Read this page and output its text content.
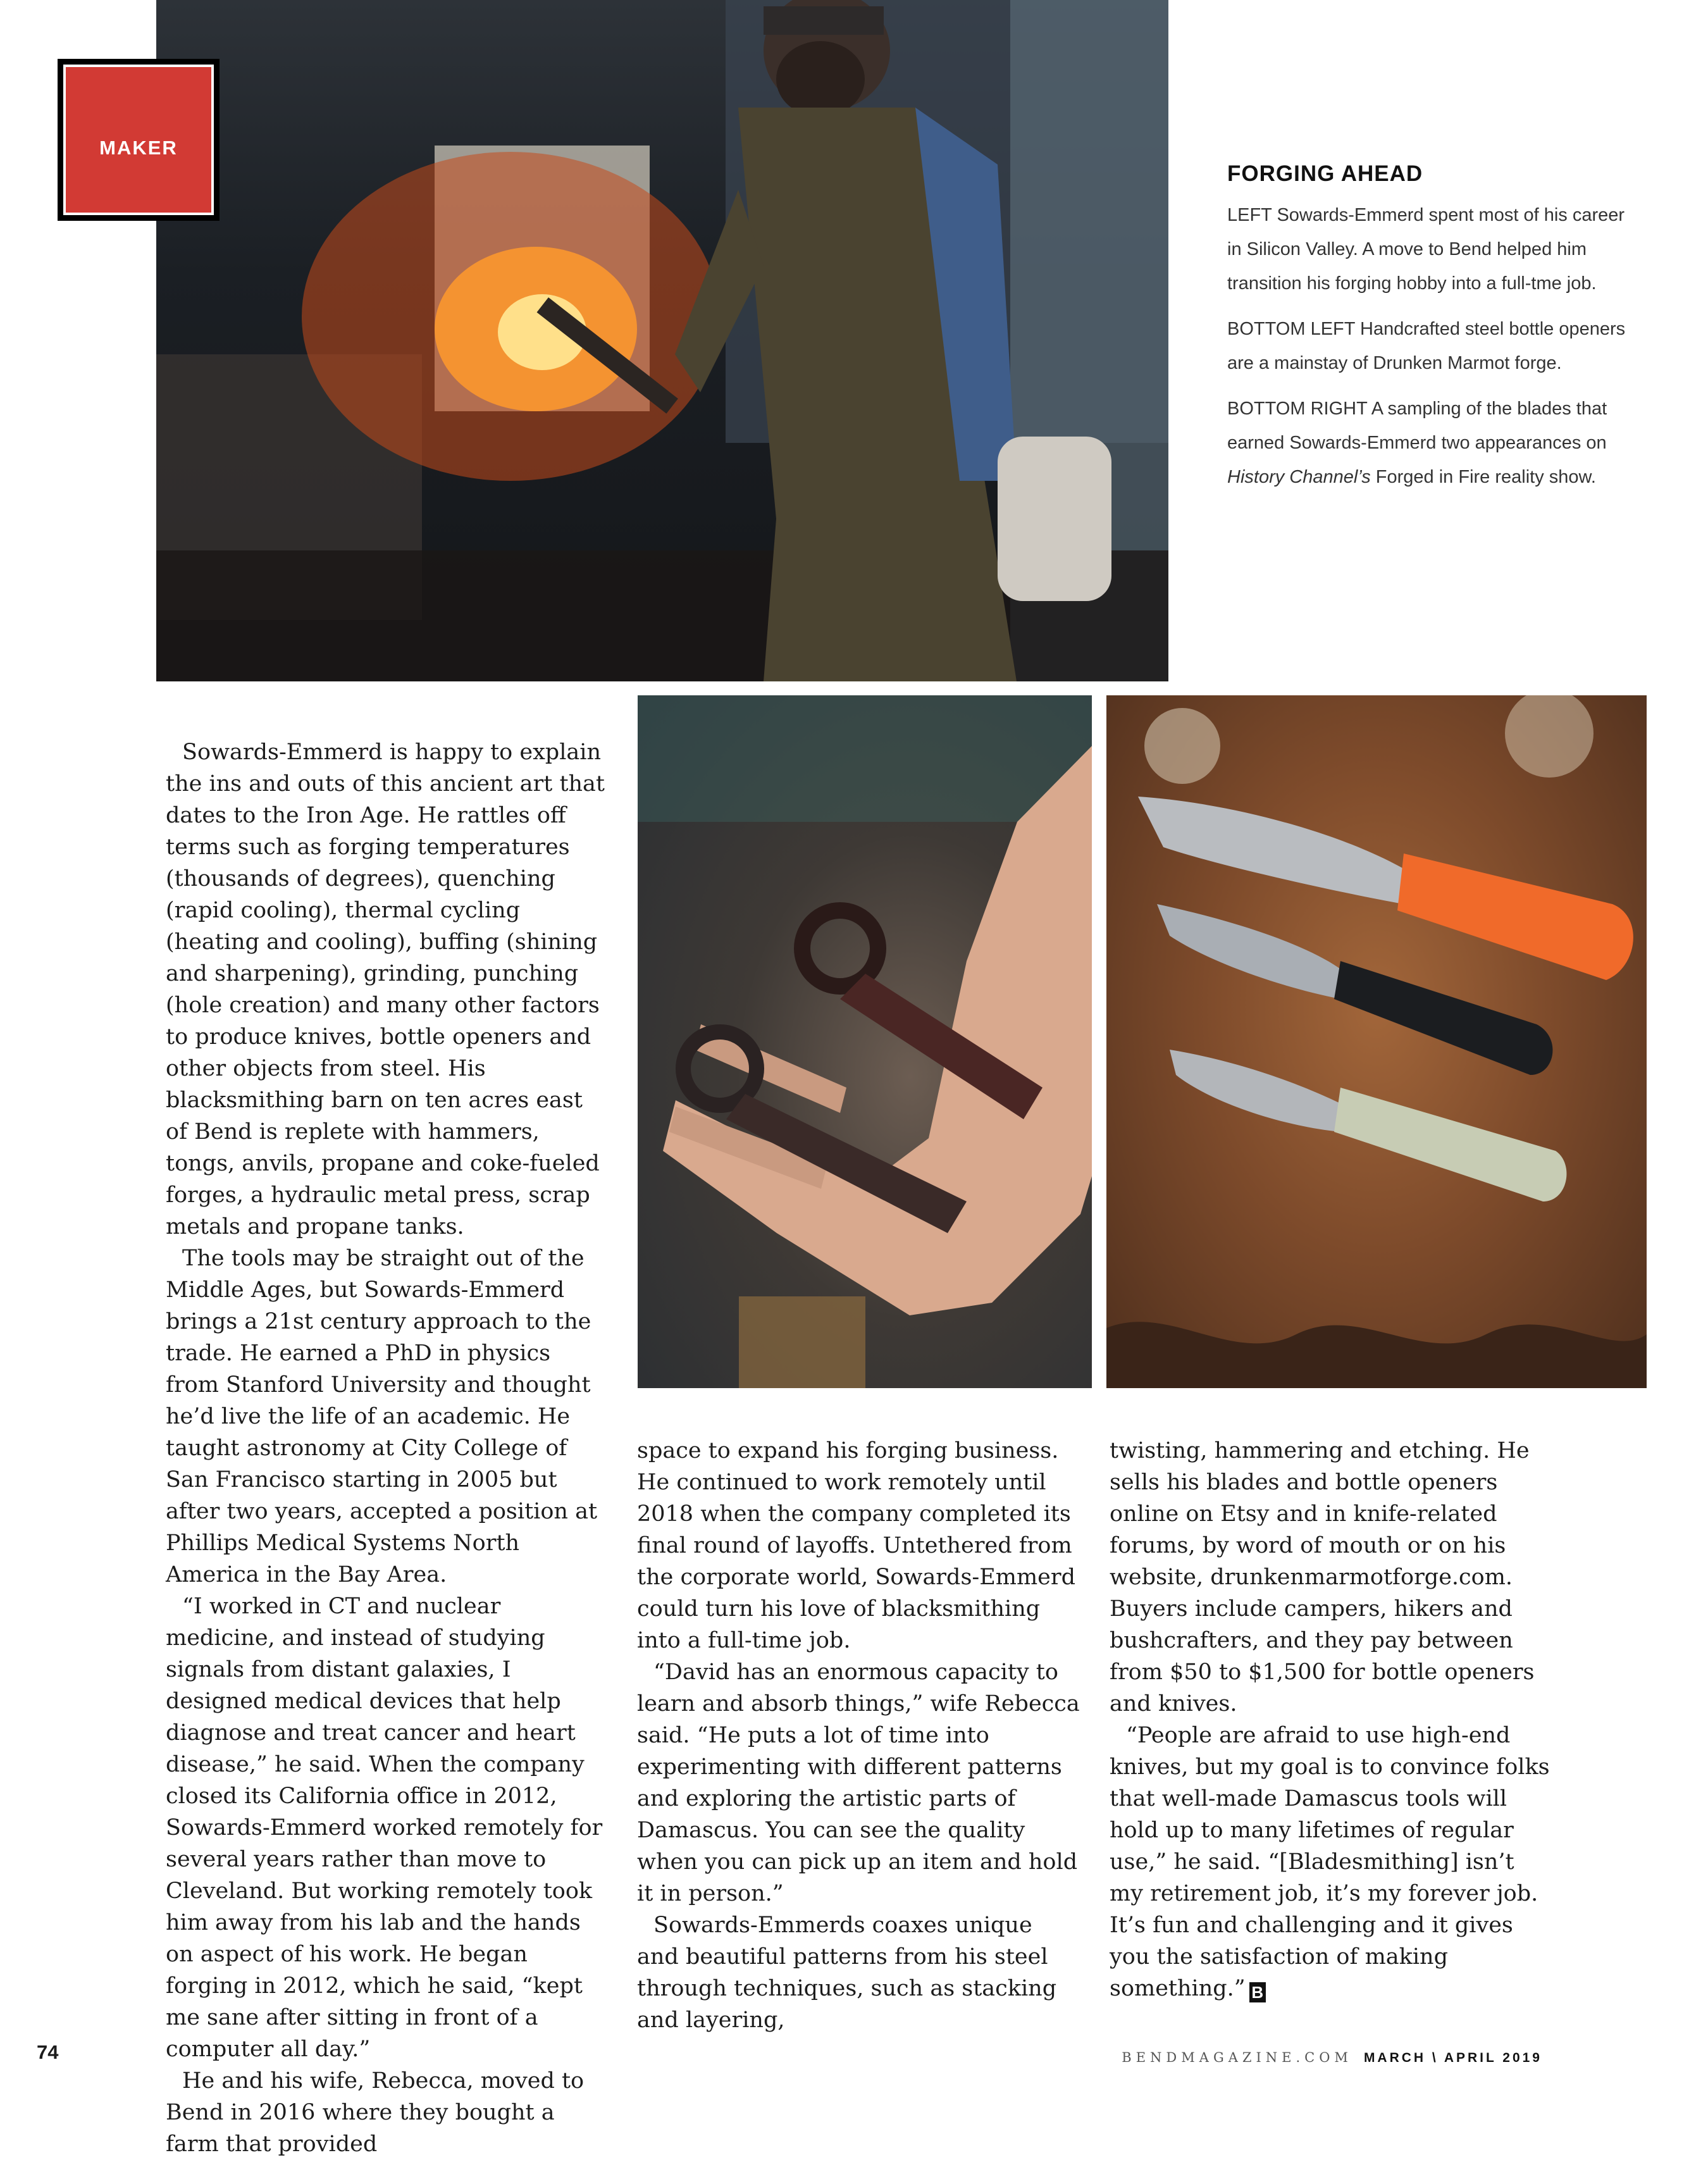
MAKER
FORGING AHEAD

LEFT Sowards-Emmerd spent most of his career in Silicon Valley. A move to Bend helped him transition his forging hobby into a full-tme job.

BOTTOM LEFT Handcrafted steel bottle openers are a mainstay of Drunken Marmot forge.

BOTTOM RIGHT A sampling of the blades that earned Sowards-Emmerd two appearances on History Channel’s Forged in Fire reality show.

Sowards-Emmerd is happy to explain the ins and outs of this ancient art that dates to the Iron Age. He rattles off terms such as forging temperatures (thousands of degrees), quenching (rapid cooling), thermal cycling (heating and cooling), buffing (shining and sharpening), grinding, punching (hole creation) and many other factors to produce knives, bottle openers and other objects from steel. His blacksmithing barn on ten acres east of Bend is replete with hammers, tongs, anvils, propane and coke-fueled forges, a hydraulic metal press, scrap metals and propane tanks.

The tools may be straight out of the Middle Ages, but Sowards-Emmerd brings a 21st century approach to the trade. He earned a PhD in physics from Stanford University and thought he’d live the life of an academic. He taught astronomy at City College of San Francisco starting in 2005 but after two years, accepted a position at Phillips Medical Systems North America in the Bay Area.

“I worked in CT and nuclear medicine, and instead of studying signals from distant galaxies, I designed medical devices that help diagnose and treat cancer and heart disease,” he said. When the company closed its California office in 2012, Sowards-Emmerd worked remotely for several years rather than move to Cleveland. But working remotely took him away from his lab and the hands on aspect of his work. He began forging in 2012, which he said, “kept me sane after sitting in front of a computer all day.”

He and his wife, Rebecca, moved to Bend in 2016 where they bought a farm that provided

space to expand his forging business. He continued to work remotely until 2018 when the company completed its final round of layoffs. Untethered from the corporate world, Sowards-Emmerd could turn his love of blacksmithing into a full-time job.

“David has an enormous capacity to learn and absorb things,” wife Rebecca said. “He puts a lot of time into experimenting with different patterns and exploring the artistic parts of Damascus. You can see the quality when you can pick up an item and hold it in person.”

Sowards-Emmerds coaxes unique and beautiful patterns from his steel through techniques, such as stacking and layering,

twisting, hammering and etching. He sells his blades and bottle openers online on Etsy and in knife-related forums, by word of mouth or on his website, drunkenmarmotforge.com. Buyers include campers, hikers and bushcrafters, and they pay between from $50 to $1,500 for bottle openers and knives.

“People are afraid to use high-end knives, but my goal is to convince folks that well-made Damascus tools will hold up to many lifetimes of regular use,” he said. “[Bladesmithing] isn’t my retirement job, it’s my forever job. It’s fun and challenging and it gives you the satisfaction of making something.” B

74	BENDMAGAZINE.COM MARCH \ APRIL 2019
